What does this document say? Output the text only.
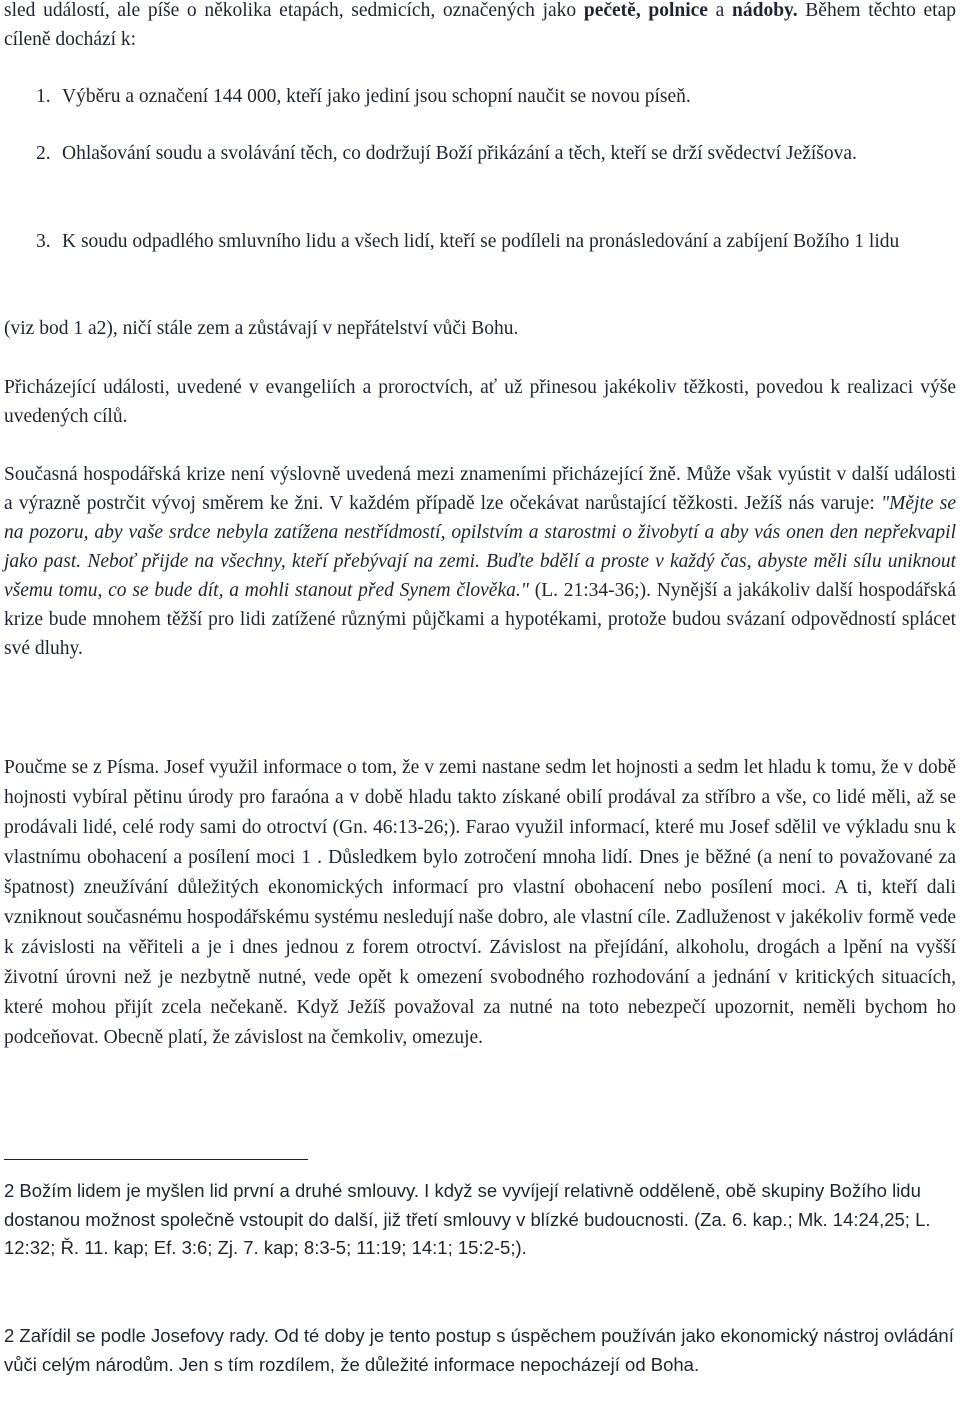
sled událostí, ale píše o několika etapách, sedmicích, označených jako pečetě, polnice a nádoby. Během těchto etap cíleně dochází k:

1. Výběru a označení 144 000, kteří jako jediní jsou schopní naučit se novou píseň.
2. Ohlašování soudu a svolávání těch, co dodržují Boží přikázání a těch, kteří se drží svědectví Ježíšova.
3. K soudu odpadlého smluvního lidu a všech lidí, kteří se podíleli na pronásledování a zabíjení Božího 1 lidu

(viz bod 1 a2), ničí stále zem a zůstávají v nepřátelství vůči Bohu.

Přicházející události, uvedené v evangeliích a proroctvích, ať už přinesou jakékoliv těžkosti, povedou k realizaci výše uvedených cílů.

Současná hospodářská krize není výslovně uvedená mezi znameními přicházející žně. Může však vyústit v další události a výrazně postrčit vývoj směrem ke žni. V každém případě lze očekávat narůstající těžkosti. Ježíš nás varuje: "Mějte se na pozoru, aby vaše srdce nebyla zatížena nestřídmostí, opilstvím a starostmi o živobytí a aby vás onen den nepřekvapil jako past. Neboť přijde na všechny, kteří přebývají na zemi. Buďte bdělí a proste v každý čas, abyste měli sílu uniknout všemu tomu, co se bude dít, a mohli stanout před Synem člověka." (L. 21:34-36;). Nynější a jakákoliv další hospodářská krize bude mnohem těžší pro lidi zatížené různými půjčkami a hypotékami, protože budou svázaní odpovědností splácet své dluhy.

Poučme se z Písma. Josef využil informace o tom, že v zemi nastane sedm let hojnosti a sedm let hladu k tomu, že v době hojnosti vybíral pětinu úrody pro faraóna a v době hladu takto získané obilí prodával za stříbro a vše, co lidé měli, až se prodávali lidé, celé rody sami do otroctví (Gn. 46:13-26;). Farao využil informací, které mu Josef sdělil ve výkladu snu k vlastnímu obohacení a posílení moci 1 . Důsledkem bylo zotročení mnoha lidí. Dnes je běžné (a není to považované za špatnost) zneužívání důležitých ekonomických informací pro vlastní obohacení nebo posílení moci. A ti, kteří dali vzniknout současnému hospodářskému systému nesledují naše dobro, ale vlastní cíle. Zadluženost v jakékoliv formě vede k závislosti na věřiteli a je i dnes jednou z forem otroctví. Závislost na přejídání, alkoholu, drogách a lpění na vyšší životní úrovni než je nezbytně nutné, vede opět k omezení svobodného rozhodování a jednání v kritických situacích, které mohou přijít zcela nečekaně. Když Ježíš považoval za nutné na toto nebezpečí upozornit, neměli bychom ho podceňovat. Obecně platí, že závislost na čemkoliv, omezuje.

2 Božím lidem je myšlen lid první a druhé smlouvy. I když se vyvíjejí relativně odděleně, obě skupiny Božího lidu dostanou možnost společně vstoupit do další, již třetí smlouvy v blízké budoucnosti. (Za. 6. kap.; Mk. 14:24,25; L. 12:32; Ř. 11. kap; Ef. 3:6; Zj. 7. kap; 8:3-5; 11:19; 14:1; 15:2-5;).

2 Zařídil se podle Josefovy rady. Od té doby je tento postup s úspěchem používán jako ekonomický nástroj ovládání vůči celým národům. Jen s tím rozdílem, že důležité informace nepocházejí od Boha.
